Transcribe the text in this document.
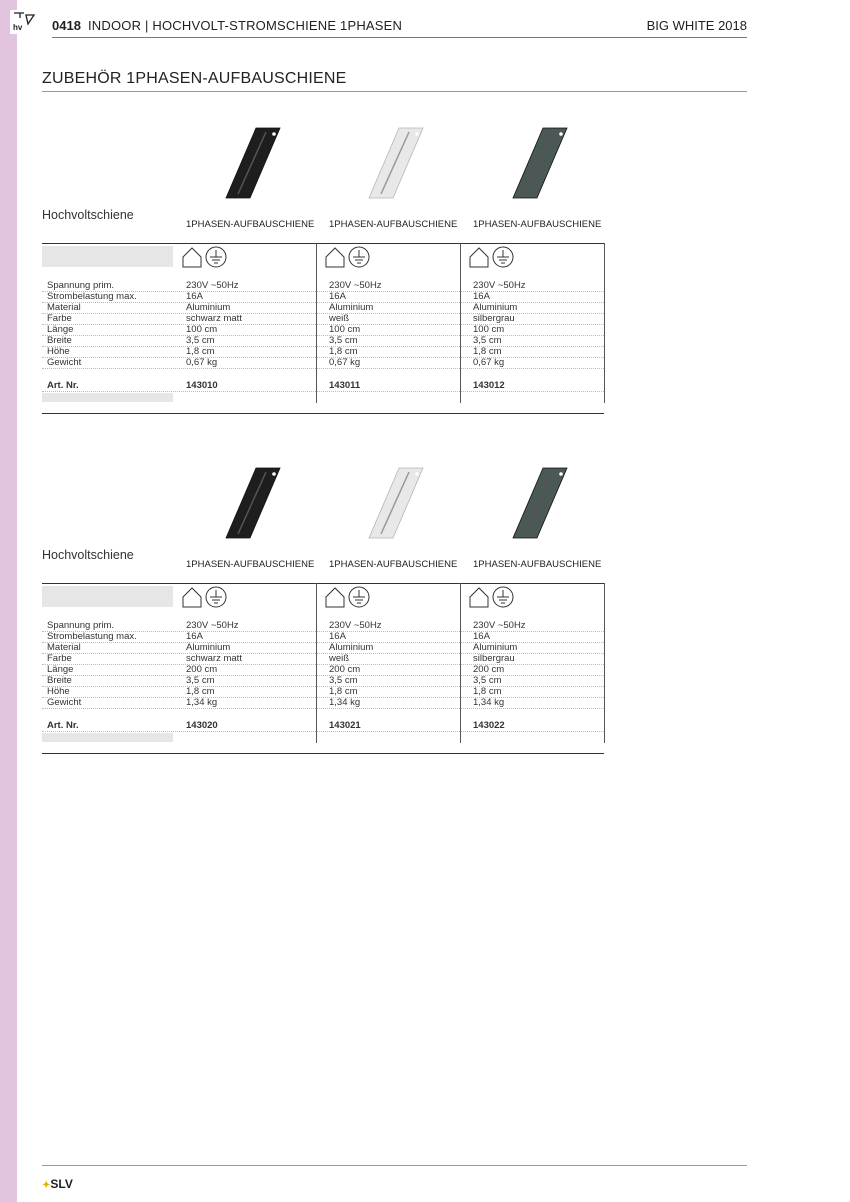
hv 0418 INDOOR | HOCHVOLT-STROMSCHIENE 1PHASEN	BIG WHITE 2018
ZUBEHÖR 1PHASEN-AUFBAUSCHIENE
Hochvoltschiene
1PHASEN-AUFBAUSCHIENE 1PHASEN-AUFBAUSCHIENE 1PHASEN-AUFBAUSCHIENE
Spannung prim.	230V ~50Hz	230V ~50Hz	230V ~50Hz
Strombelastung max.	16A	16A	16A
Material	Aluminium	Aluminium	Aluminium
Farbe	schwarz matt	weiß	silbergrau
Länge	100 cm	100 cm	100 cm
Breite	3,5 cm	3,5 cm	3,5 cm
Höhe	1,8 cm	1,8 cm	1,8 cm
Gewicht	0,67 kg	0,67 kg	0,67 kg
Art. Nr.	143010	143011	143012
Hochvoltschiene
1PHASEN-AUFBAUSCHIENE 1PHASEN-AUFBAUSCHIENE 1PHASEN-AUFBAUSCHIENE
Spannung prim.	230V ~50Hz	230V ~50Hz	230V ~50Hz
Strombelastung max.	16A	16A	16A
Material	Aluminium	Aluminium	Aluminium
Farbe	schwarz matt	weiß	silbergrau
Länge	200 cm	200 cm	200 cm
Breite	3,5 cm	3,5 cm	3,5 cm
Höhe	1,8 cm	1,8 cm	1,8 cm
Gewicht	1,34 kg	1,34 kg	1,34 kg
Art. Nr.	143020	143021	143022
✦SLV
